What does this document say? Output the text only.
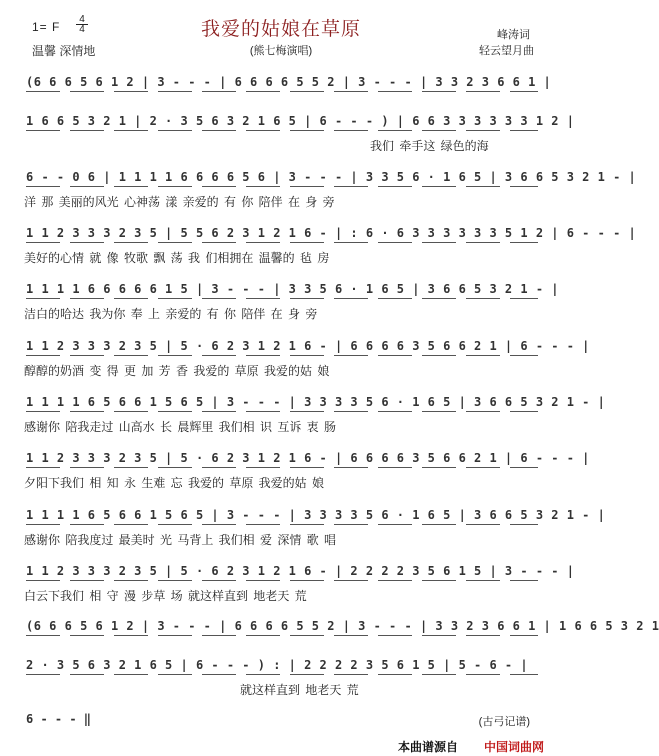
1= F
4
4	我爱的姑娘在草原
温馨 深情地	(熊七梅演唱)
峰涛词
轻云望月曲
(6 6 6 5 6 1 2 | 3 - - - | 6 6 6 6 5 5 2 | 3 - - - | 3 3 2 3 6 6 1 |
1 6 6 5 3 2 1 | 2 · 3 5 6 3 2 1 6 5 | 6 - - - ) | 6 6 3 3 3 3 3 3 1 2 |
我们 牵手这 绿色的海
6 - - 0 6 | 1 1 1 1 6 6 6 6 5 6 | 3 - - - | 3 3 5 6 · 1 6 5 | 3 6 6 5 3 2 1 - |
洋 那 美丽的风光 心神荡 漾 亲爱的 有 你 陪伴 在 身 旁
1 1 2 3 3 3 2 3 5 | 5 5 6 2 3 1 2 1 6 - | : 6 · 6 3 3 3 3 3 3 5 1 2 | 6 - - - |
美好的心情 就 像 牧歌 飘 荡 我 们相拥在 温馨的 毡 房
1 1 1 1 6 6 6 6 6 1 5 | 3 - - - | 3 3 5 6 · 1 6 5 | 3 6 6 5 3 2 1 - |
洁白的哈达 我为你 奉 上 亲爱的 有 你 陪伴 在 身 旁
1 1 2 3 3 3 2 3 5 | 5 · 6 2 3 1 2 1 6 - | 6 6 6 6 3 5 6 6 2 1 | 6 - - - |
醇醇的奶酒 变 得 更 加 芳 香 我爱的 草原 我爱的姑 娘
1 1 1 1 6 5 6 6 1 5 6 5 | 3 - - - | 3 3 3 3 5 6 · 1 6 5 | 3 6 6 5 3 2 1 - |
感谢你 陪我走过 山高水 长 晨辉里 我们相 识 互诉 衷 肠
1 1 2 3 3 3 2 3 5 | 5 · 6 2 3 1 2 1 6 - | 6 6 6 6 3 5 6 6 2 1 | 6 - - - |
夕阳下我们 相 知 永 生难 忘 我爱的 草原 我爱的姑 娘
1 1 1 1 6 5 6 6 1 5 6 5 | 3 - - - | 3 3 3 3 5 6 · 1 6 5 | 3 6 6 5 3 2 1 - |
感谢你 陪我度过 最美时 光 马背上 我们相 爱 深情 歌 唱
1 1 2 3 3 3 2 3 5 | 5 · 6 2 3 1 2 1 6 - | 2 2 2 2 3 5 6 1 5 | 3 - - - |
白云下我们 相 守 漫 步草 场 就这样直到 地老天 荒
(6 6 6 5 6 1 2 | 3 - - - | 6 6 6 6 5 5 2 | 3 - - - | 3 3 2 3 6 6 1 | 1 6 6 5 3 2 1
2 · 3 5 6 3 2 1 6 5 | 6 - - - ) : | 2 2 2 2 3 5 6 1 5 | 5 - 6 - |
就这样直到 地老天 荒
6 - - - ‖	(古弓记谱)
本曲谱源自 中国词曲网
